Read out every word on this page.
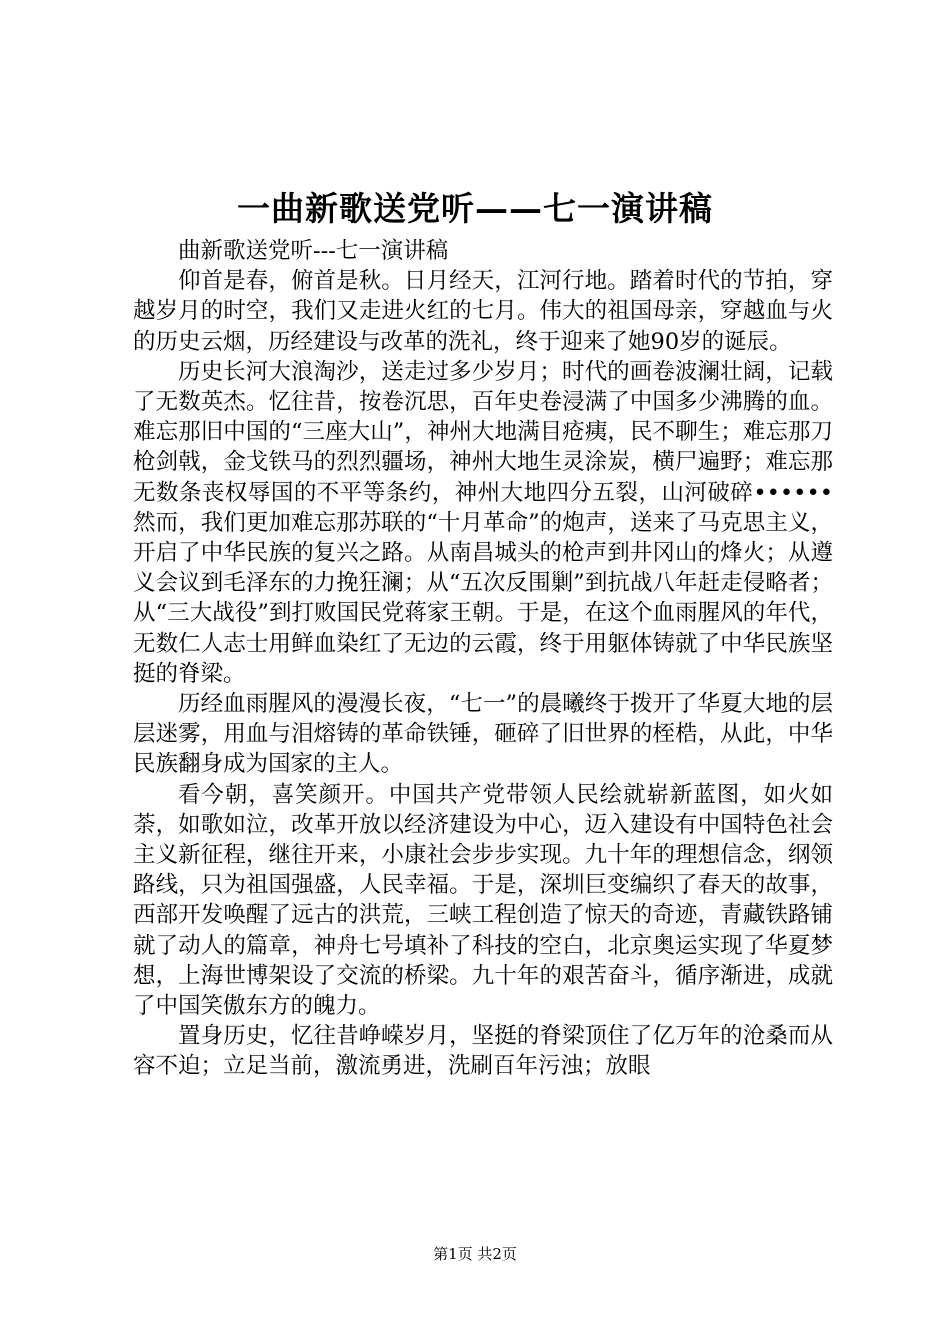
一曲新歌送党听——七一演讲稿

曲新歌送党听---七一演讲稿

仰首是春，俯首是秋。日月经天，江河行地。踏着时代的节拍，穿越岁月的时空，我们又走进火红的七月。伟大的祖国母亲，穿越血与火的历史云烟，历经建设与改革的洗礼，终于迎来了她90岁的诞辰。

历史长河大浪淘沙，送走过多少岁月；时代的画卷波澜壮阔，记载了无数英杰。忆往昔，按卷沉思，百年史卷浸满了中国多少沸腾的血。难忘那旧中国的“三座大山”，神州大地满目疮痍，民不聊生；难忘那刀枪剑戟，金戈铁马的烈烈疆场，神州大地生灵涂炭，横尸遍野；难忘那无数条丧权辱国的不平等条约，神州大地四分五裂，山河破碎••••••然而，我们更加难忘那苏联的“十月革命”的炮声，送来了马克思主义，开启了中华民族的复兴之路。从南昌城头的枪声到井冈山的烽火；从遵义会议到毛泽东的力挽狂澜；从“五次反围剿”到抗战八年赶走侵略者；从“三大战役”到打败国民党蒋家王朝。于是，在这个血雨腥风的年代，无数仁人志士用鲜血染红了无边的云霞，终于用躯体铸就了中华民族坚挺的脊梁。

历经血雨腥风的漫漫长夜，“七一”的晨曦终于拨开了华夏大地的层层迷雾，用血与泪熔铸的革命铁锤，砸碎了旧世界的桎梏，从此，中华民族翻身成为国家的主人。

看今朝，喜笑颜开。中国共产党带领人民绘就崭新蓝图，如火如荼，如歌如泣，改革开放以经济建设为中心，迈入建设有中国特色社会主义新征程，继往开来，小康社会步步实现。九十年的理想信念，纲领路线，只为祖国强盛，人民幸福。于是，深圳巨变编织了春天的故事，西部开发唤醒了远古的洪荒，三峡工程创造了惊天的奇迹，青藏铁路铺就了动人的篇章，神舟七号填补了科技的空白，北京奥运实现了华夏梦想，上海世博架设了交流的桥梁。九十年的艰苦奋斗，循序渐进，成就了中国笑傲东方的魄力。

置身历史，忆往昔峥嵘岁月，坚挺的脊梁顶住了亿万年的沧桑而从容不迫；立足当前，激流勇进，洗刷百年污浊；放眼

第1页 共2页
